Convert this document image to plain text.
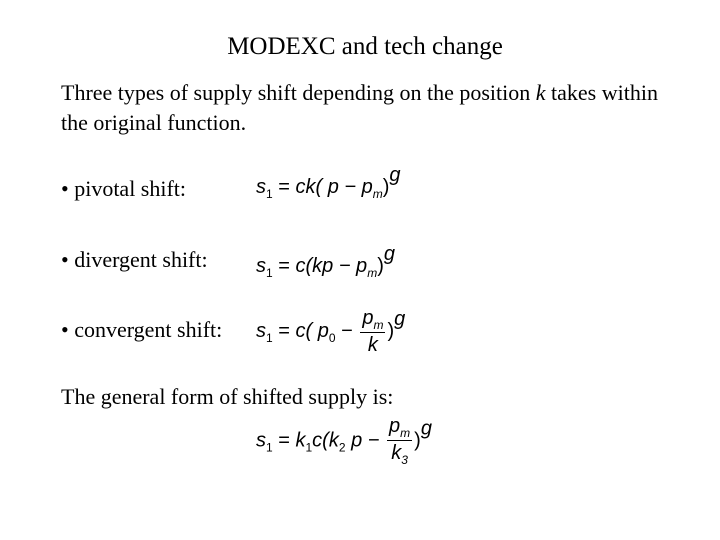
MODEXC and tech change
Three types of supply shift depending on the position k takes within the original function.
• pivotal shift:
• divergent shift:
• convergent shift:
$s_1 = ck$( $p - p_m)g$
$s_1 = c(kp - p_m)g$
$s_1 = c$( $p_0 - \frac{p_m}{k} )g$
The general form of shifted supply is:
$s_1 = k_1c(k_2$ $p - \frac{p_m}{k_3} )g$
